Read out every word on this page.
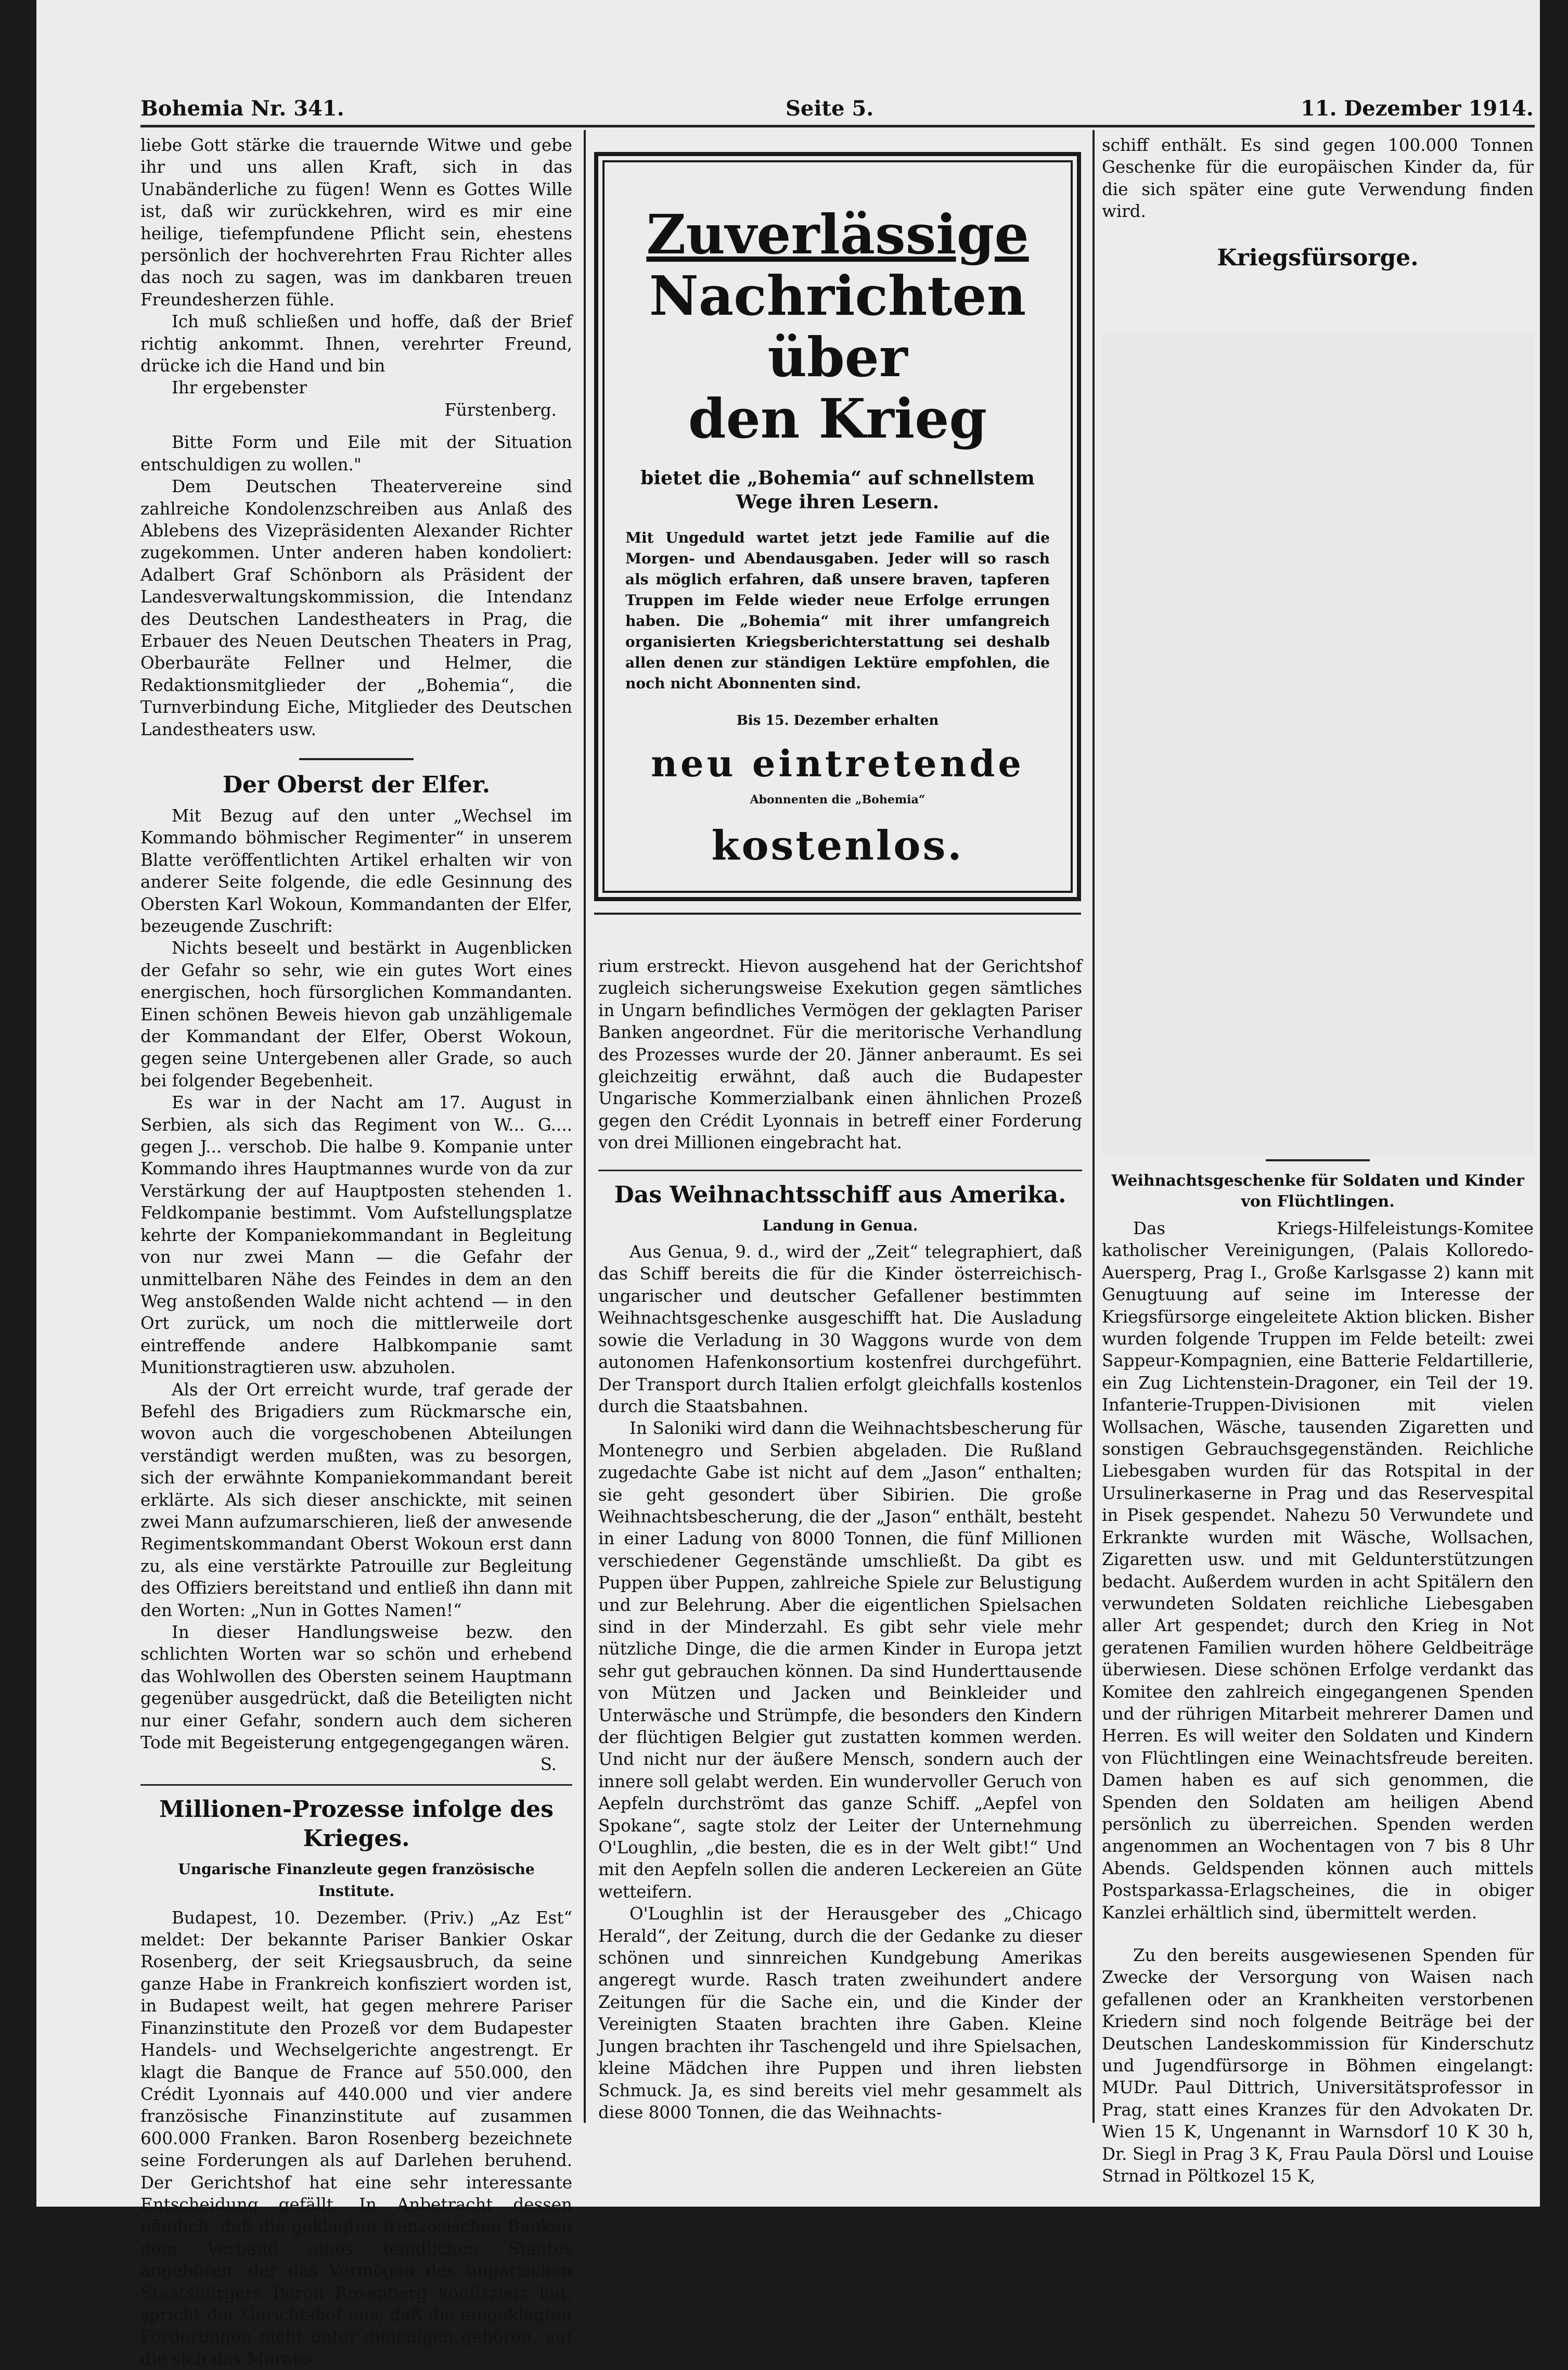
Bohemia Nr. 341.	Seite 5.	11. Dezember 1914.

liebe Gott stärke die trauernde Witwe und gebe ihr und uns allen Kraft, sich in das Unabänderliche zu fügen! Wenn es Gottes Wille ist, daß wir zurückkehren, wird es mir eine heilige, tiefempfundene Pflicht sein, ehestens persönlich der hochverehrten Frau Richter alles das noch zu sagen, was im dankbaren treuen Freundesherzen fühle.

Ich muß schließen und hoffe, daß der Brief richtig ankommt. Ihnen, verehrter Freund, drücke ich die Hand und bin

Ihr ergebenster

Fürstenberg.

Bitte Form und Eile mit der Situation entschuldigen zu wollen."

Dem Deutschen Theatervereine sind zahlreiche Kondolenzschreiben aus Anlaß des Ablebens des Vizepräsidenten Alexander Richter zugekommen. Unter anderen haben kondoliert: Adalbert Graf Schönborn als Präsident der Landesverwaltungskommission, die Intendanz des Deutschen Landestheaters in Prag, die Erbauer des Neuen Deutschen Theaters in Prag, Oberbauräte Fellner und Helmer, die Redaktionsmitglieder der „Bohemia“, die Turnverbindung Eiche, Mitglieder des Deutschen Landestheaters usw.

Der Oberst der Elfer.

Mit Bezug auf den unter „Wechsel im Kommando böhmischer Regimenter“ in unserem Blatte veröffentlichten Artikel erhalten wir von anderer Seite folgende, die edle Gesinnung des Obersten Karl Wokoun, Kommandanten der Elfer, bezeugende Zuschrift:

Nichts beseelt und bestärkt in Augenblicken der Gefahr so sehr, wie ein gutes Wort eines energischen, hoch fürsorglichen Kommandanten. Einen schönen Beweis hievon gab unzähligemale der Kommandant der Elfer, Oberst Wokoun, gegen seine Untergebenen aller Grade, so auch bei folgender Begebenheit.

Es war in der Nacht am 17. August in Serbien, als sich das Regiment von W... G.... gegen J... verschob. Die halbe 9. Kompanie unter Kommando ihres Hauptmannes wurde von da zur Verstärkung der auf Hauptposten stehenden 1. Feldkompanie bestimmt. Vom Aufstellungsplatze kehrte der Kompaniekommandant in Begleitung von nur zwei Mann — die Gefahr der unmittelbaren Nähe des Feindes in dem an den Weg anstoßenden Walde nicht achtend — in den Ort zurück, um noch die mittlerweile dort eintreffende andere Halbkompanie samt Munitionstragtieren usw. abzuholen.

Als der Ort erreicht wurde, traf gerade der Befehl des Brigadiers zum Rückmarsche ein, wovon auch die vorgeschobenen Abteilungen verständigt werden mußten, was zu besorgen, sich der erwähnte Kompaniekommandant bereit erklärte. Als sich dieser anschickte, mit seinen zwei Mann aufzumarschieren, ließ der anwesende Regimentskommandant Oberst Wokoun erst dann zu, als eine verstärkte Patrouille zur Begleitung des Offiziers bereitstand und entließ ihn dann mit den Worten: „Nun in Gottes Namen!“

In dieser Handlungsweise bezw. den schlichten Worten war so schön und erhebend das Wohlwollen des Obersten seinem Hauptmann gegenüber ausgedrückt, daß die Beteiligten nicht nur einer Gefahr, sondern auch dem sicheren Tode mit Begeisterung entgegengegangen wären.

S.

Millionen-Prozesse infolge des Krieges.

Ungarische Finanzleute gegen französische Institute.

Budapest, 10. Dezember. (Priv.) „Az Est“ meldet: Der bekannte Pariser Bankier Oskar Rosenberg, der seit Kriegsausbruch, da seine ganze Habe in Frankreich konfisziert worden ist, in Budapest weilt, hat gegen mehrere Pariser Finanzinstitute den Prozeß vor dem Budapester Handels- und Wechselgerichte angestrengt. Er klagt die Banque de France auf 550.000, den Crédit Lyonnais auf 440.000 und vier andere französische Finanzinstitute auf zusammen 600.000 Franken. Baron Rosenberg bezeichnete seine Forderungen als auf Darlehen beruhend. Der Gerichtshof hat eine sehr interessante Entscheidung gefällt. In Anbetracht dessen nämlich, daß die geklagten französischen Banken dem Verband eines feindlichen Staates angehören, der das Vermögen des ungarischen Staatsbürgers Baron Rosenberg konfisziert hat, spricht der Gerichtshof aus, daß die eingeklagten Forderungen nicht unter diejenigen gehören, auf die sich das Morato-

Zuverlässige

Nachrichten über

den Krieg

bietet die „Bohemia“ auf schnellstem Wege ihren Lesern.

Mit Ungeduld wartet jetzt jede Familie auf die Morgen- und Abendausgaben. Jeder will so rasch als möglich erfahren, daß unsere braven, tapferen Truppen im Felde wieder neue Erfolge errungen haben. Die „Bohemia“ mit ihrer umfangreich organisierten Kriegsberichterstattung sei deshalb allen denen zur ständigen Lektüre empfohlen, die noch nicht Abonnenten sind.

Bis 15. Dezember erhalten

neu eintretende

Abonnenten die „Bohemia“

kostenlos.

rium erstreckt. Hievon ausgehend hat der Gerichtshof zugleich sicherungsweise Exekution gegen sämtliches in Ungarn befindliches Vermögen der geklagten Pariser Banken angeordnet. Für die meritorische Verhandlung des Prozesses wurde der 20. Jänner anberaumt. Es sei gleichzeitig erwähnt, daß auch die Budapester Ungarische Kommerzialbank einen ähnlichen Prozeß gegen den Crédit Lyonnais in betreff einer Forderung von drei Millionen eingebracht hat.

Das Weihnachtsschiff aus Amerika.

Landung in Genua.

Aus Genua, 9. d., wird der „Zeit“ telegraphiert, daß das Schiff bereits die für die Kinder österreichisch-ungarischer und deutscher Gefallener bestimmten Weihnachtsgeschenke ausgeschifft hat. Die Ausladung sowie die Verladung in 30 Waggons wurde von dem autonomen Hafenkonsortium kostenfrei durchgeführt. Der Transport durch Italien erfolgt gleichfalls kostenlos durch die Staatsbahnen.

In Saloniki wird dann die Weihnachtsbescherung für Montenegro und Serbien abgeladen. Die Rußland zugedachte Gabe ist nicht auf dem „Jason“ enthalten; sie geht gesondert über Sibirien. Die große Weihnachtsbescherung, die der „Jason“ enthält, besteht in einer Ladung von 8000 Tonnen, die fünf Millionen verschiedener Gegenstände umschließt. Da gibt es Puppen über Puppen, zahlreiche Spiele zur Belustigung und zur Belehrung. Aber die eigentlichen Spielsachen sind in der Minderzahl. Es gibt sehr viele mehr nützliche Dinge, die die armen Kinder in Europa jetzt sehr gut gebrauchen können. Da sind Hunderttausende von Mützen und Jacken und Beinkleider und Unterwäsche und Strümpfe, die besonders den Kindern der flüchtigen Belgier gut zustatten kommen werden. Und nicht nur der äußere Mensch, sondern auch der innere soll gelabt werden. Ein wundervoller Geruch von Aepfeln durchströmt das ganze Schiff. „Aepfel von Spokane“, sagte stolz der Leiter der Unternehmung O'Loughlin, „die besten, die es in der Welt gibt!“ Und mit den Aepfeln sollen die anderen Leckereien an Güte wetteifern.

O'Loughlin ist der Herausgeber des „Chicago Herald“, der Zeitung, durch die der Gedanke zu dieser schönen und sinnreichen Kundgebung Amerikas angeregt wurde. Rasch traten zweihundert andere Zeitungen für die Sache ein, und die Kinder der Vereinigten Staaten brachten ihre Gaben. Kleine Jungen brachten ihr Taschengeld und ihre Spielsachen, kleine Mädchen ihre Puppen und ihren liebsten Schmuck. Ja, es sind bereits viel mehr gesammelt als diese 8000 Tonnen, die das Weihnachts-

schiff enthält. Es sind gegen 100.000 Tonnen Geschenke für die europäischen Kinder da, für die sich später eine gute Verwendung finden wird.

Kriegsfürsorge.
Weihnachtsgeschenke für Soldaten und Kinder von Flüchtlingen.

Das Kriegs-Hilfeleistungs-Komitee katholischer Vereinigungen, (Palais Kolloredo-Auersperg, Prag I., Große Karlsgasse 2) kann mit Genugtuung auf seine im Interesse der Kriegsfürsorge eingeleitete Aktion blicken. Bisher wurden folgende Truppen im Felde beteilt: zwei Sappeur-Kompagnien, eine Batterie Feldartillerie, ein Zug Lichtenstein-Dragoner, ein Teil der 19. Infanterie-Truppen-Divisionen mit vielen Wollsachen, Wäsche, tausenden Zigaretten und sonstigen Gebrauchsgegenständen. Reichliche Liebesgaben wurden für das Rotspital in der Ursulinerkaserne in Prag und das Reservespital in Pisek gespendet. Nahezu 50 Verwundete und Erkrankte wurden mit Wäsche, Wollsachen, Zigaretten usw. und mit Geldunterstützungen bedacht. Außerdem wurden in acht Spitälern den verwundeten Soldaten reichliche Liebesgaben aller Art gespendet; durch den Krieg in Not geratenen Familien wurden höhere Geldbeiträge überwiesen. Diese schönen Erfolge verdankt das Komitee den zahlreich eingegangenen Spenden und der rührigen Mitarbeit mehrerer Damen und Herren. Es will weiter den Soldaten und Kindern von Flüchtlingen eine Weinachtsfreude bereiten. Damen haben es auf sich genommen, die Spenden den Soldaten am heiligen Abend persönlich zu überreichen. Spenden werden angenommen an Wochentagen von 7 bis 8 Uhr Abends. Geldspenden können auch mittels Postsparkassa-Erlagscheines, die in obiger Kanzlei erhältlich sind, übermittelt werden.

Zu den bereits ausgewiesenen Spenden für Zwecke der Versorgung von Waisen nach gefallenen oder an Krankheiten verstorbenen Kriedern sind noch folgende Beiträge bei der Deutschen Landeskommission für Kinderschutz und Jugendfürsorge in Böhmen eingelangt: MUDr. Paul Dittrich, Universitätsprofessor in Prag, statt eines Kranzes für den Advokaten Dr. Wien 15 K, Ungenannt in Warnsdorf 10 K 30 h, Dr. Siegl in Prag 3 K, Frau Paula Dörsl und Louise Strnad in Pöltkozel 15 K,
